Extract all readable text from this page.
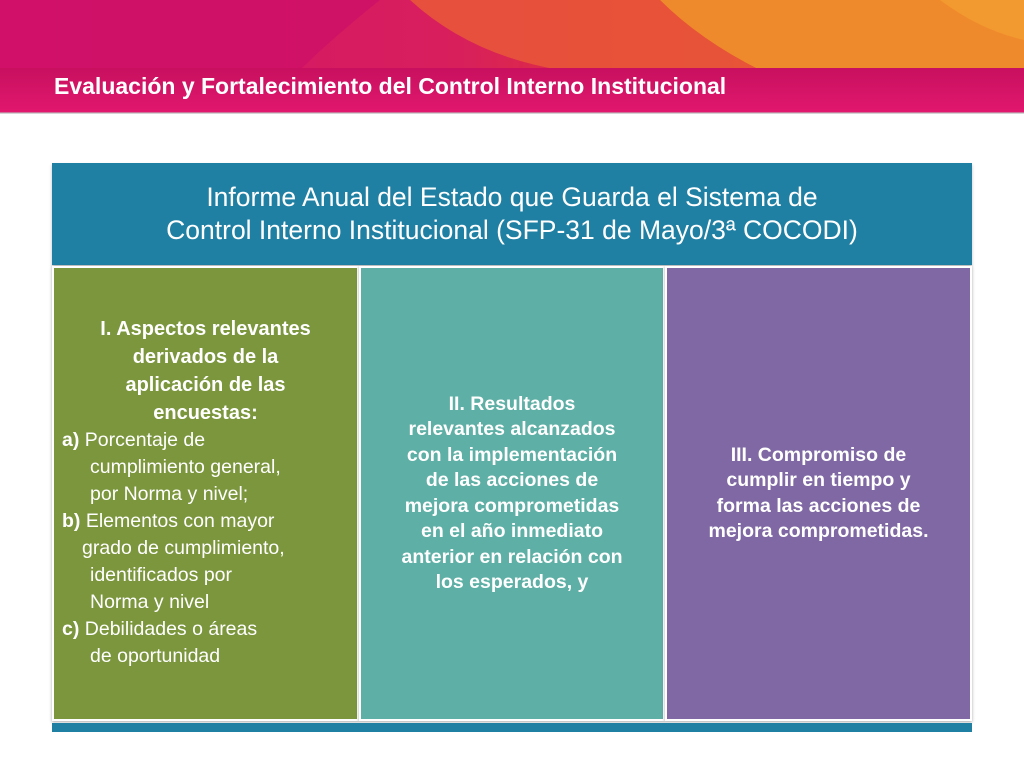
Evaluación y Fortalecimiento del Control Interno Institucional

Informe Anual del Estado que Guarda el Sistema de
Control Interno Institucional (SFP-31 de Mayo/3ª COCODI)

I. Aspectos relevantes
derivados de la
aplicación de las
encuestas:

a) Porcentaje de

cumplimiento general,

por Norma y nivel;

b) Elementos con mayor

grado de cumplimiento,

identificados por

Norma y nivel

c) Debilidades o áreas

de oportunidad

II. Resultados
relevantes alcanzados
con la implementación
de las acciones de
mejora comprometidas
en el año inmediato
anterior en relación con
los esperados, y

III. Compromiso de
cumplir en tiempo y
forma las acciones de
mejora comprometidas.
